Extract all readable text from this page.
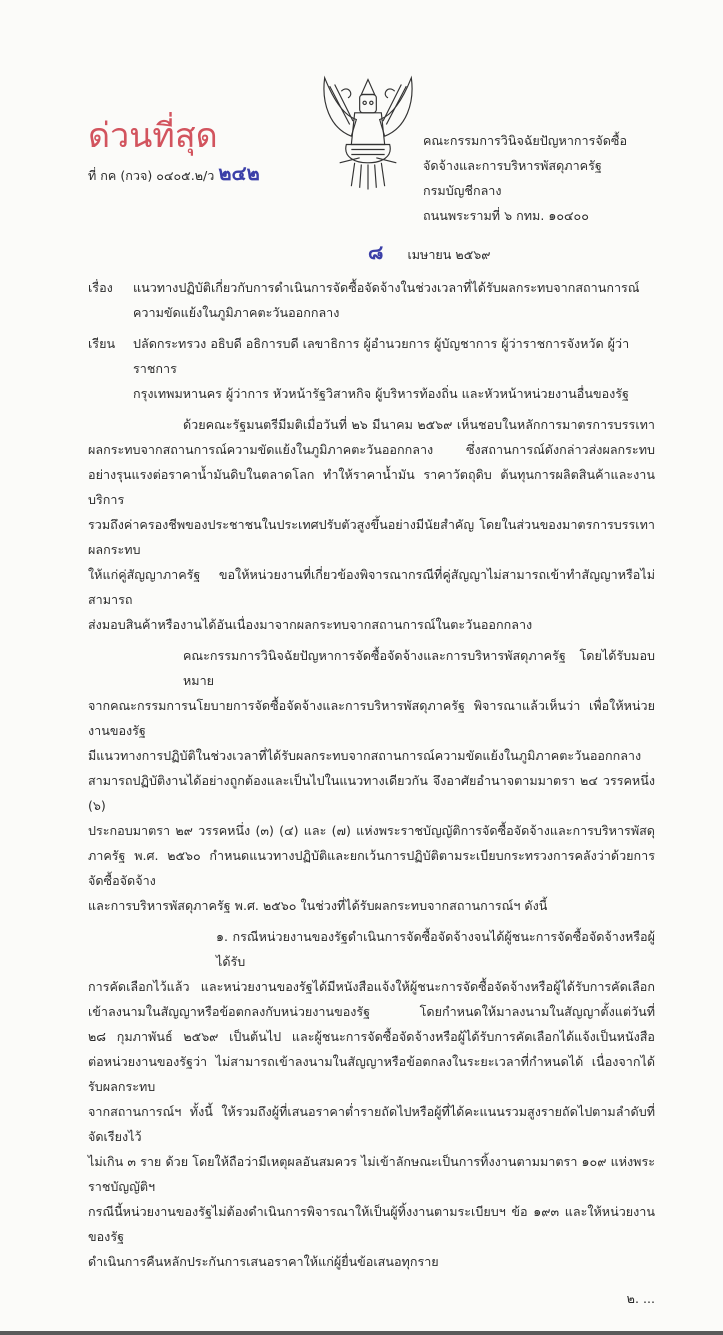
ด่วนที่สุด
ที่ กค (กวจ) ๐๔๐๕.๒/ว ๒๔๒
คณะกรรมการวินิจฉัยปัญหาการจัดซื้อ
จัดจ้างและการบริหารพัสดุภาครัฐ
กรมบัญชีกลาง
ถนนพระรามที่ ๖ กทม. ๑๐๔๐๐
๘ เมษายน ๒๕๖๙
เรื่อง	แนวทางปฏิบัติเกี่ยวกับการดำเนินการจัดซื้อจัดจ้างในช่วงเวลาที่ได้รับผลกระทบจากสถานการณ์
ความขัดแย้งในภูมิภาคตะวันออกกลาง
เรียน	ปลัดกระทรวง อธิบดี อธิการบดี เลขาธิการ ผู้อำนวยการ ผู้บัญชาการ ผู้ว่าราชการจังหวัด ผู้ว่าราชการ
กรุงเทพมหานคร ผู้ว่าการ หัวหน้ารัฐวิสาหกิจ ผู้บริหารท้องถิ่น และหัวหน้าหน่วยงานอื่นของรัฐ
ด้วยคณะรัฐมนตรีมีมติเมื่อวันที่ ๒๖ มีนาคม ๒๕๖๙ เห็นชอบในหลักการมาตรการบรรเทา
ผลกระทบจากสถานการณ์ความขัดแย้งในภูมิภาคตะวันออกกลาง ซึ่งสถานการณ์ดังกล่าวส่งผลกระทบ
อย่างรุนแรงต่อราคาน้ำมันดิบในตลาดโลก ทำให้ราคาน้ำมัน ราคาวัตถุดิบ ต้นทุนการผลิตสินค้าและงานบริการ
รวมถึงค่าครองชีพของประชาชนในประเทศปรับตัวสูงขึ้นอย่างมีนัยสำคัญ โดยในส่วนของมาตรการบรรเทาผลกระทบ
ให้แก่คู่สัญญาภาครัฐ ขอให้หน่วยงานที่เกี่ยวข้องพิจารณากรณีที่คู่สัญญาไม่สามารถเข้าทำสัญญาหรือไม่สามารถ
ส่งมอบสินค้าหรืองานได้อันเนื่องมาจากผลกระทบจากสถานการณ์ในตะวันออกกลาง
คณะกรรมการวินิจฉัยปัญหาการจัดซื้อจัดจ้างและการบริหารพัสดุภาครัฐ โดยได้รับมอบหมาย
จากคณะกรรมการนโยบายการจัดซื้อจัดจ้างและการบริหารพัสดุภาครัฐ พิจารณาแล้วเห็นว่า เพื่อให้หน่วยงานของรัฐ
มีแนวทางการปฏิบัติในช่วงเวลาที่ได้รับผลกระทบจากสถานการณ์ความขัดแย้งในภูมิภาคตะวันออกกลาง
สามารถปฏิบัติงานได้อย่างถูกต้องและเป็นไปในแนวทางเดียวกัน จึงอาศัยอำนาจตามมาตรา ๒๔ วรรคหนึ่ง (๖)
ประกอบมาตรา ๒๙ วรรคหนึ่ง (๓) (๔) และ (๗) แห่งพระราชบัญญัติการจัดซื้อจัดจ้างและการบริหารพัสดุ
ภาครัฐ พ.ศ. ๒๕๖๐ กำหนดแนวทางปฏิบัติและยกเว้นการปฏิบัติตามระเบียบกระทรวงการคลังว่าด้วยการจัดซื้อจัดจ้าง
และการบริหารพัสดุภาครัฐ พ.ศ. ๒๕๖๐ ในช่วงที่ได้รับผลกระทบจากสถานการณ์ฯ ดังนี้
๑. กรณีหน่วยงานของรัฐดำเนินการจัดซื้อจัดจ้างจนได้ผู้ชนะการจัดซื้อจัดจ้างหรือผู้ได้รับ
การคัดเลือกไว้แล้ว และหน่วยงานของรัฐได้มีหนังสือแจ้งให้ผู้ชนะการจัดซื้อจัดจ้างหรือผู้ได้รับการคัดเลือก
เข้าลงนามในสัญญาหรือข้อตกลงกับหน่วยงานของรัฐ โดยกำหนดให้มาลงนามในสัญญาตั้งแต่วันที่
๒๘ กุมภาพันธ์ ๒๕๖๙ เป็นต้นไป และผู้ชนะการจัดซื้อจัดจ้างหรือผู้ได้รับการคัดเลือกได้แจ้งเป็นหนังสือ
ต่อหน่วยงานของรัฐว่า ไม่สามารถเข้าลงนามในสัญญาหรือข้อตกลงในระยะเวลาที่กำหนดได้ เนื่องจากได้รับผลกระทบ
จากสถานการณ์ฯ ทั้งนี้ ให้รวมถึงผู้ที่เสนอราคาต่ำรายถัดไปหรือผู้ที่ได้คะแนนรวมสูงรายถัดไปตามลำดับที่จัดเรียงไว้
ไม่เกิน ๓ ราย ด้วย โดยให้ถือว่ามีเหตุผลอันสมควร ไม่เข้าลักษณะเป็นการทิ้งงานตามมาตรา ๑๐๙ แห่งพระราชบัญญัติฯ
กรณีนี้หน่วยงานของรัฐไม่ต้องดำเนินการพิจารณาให้เป็นผู้ทิ้งงานตามระเบียบฯ ข้อ ๑๙๓ และให้หน่วยงานของรัฐ
ดำเนินการคืนหลักประกันการเสนอราคาให้แก่ผู้ยื่นข้อเสนอทุกราย
๒. ...
